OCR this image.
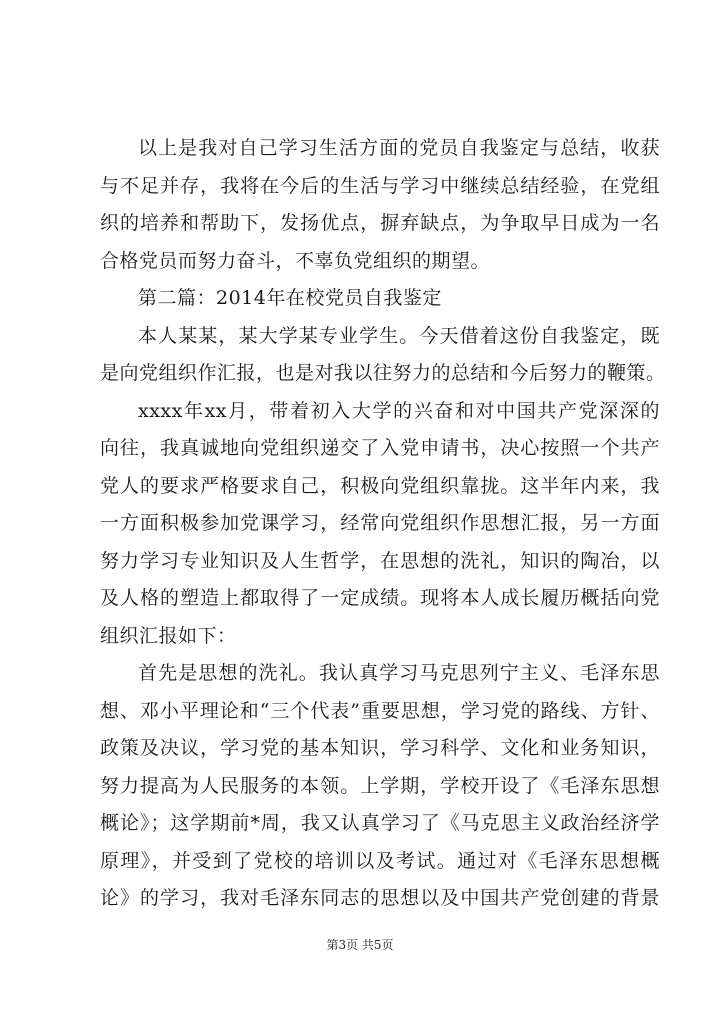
以上是我对自己学习生活方面的党员自我鉴定与总结，收获
与不足并存，我将在今后的生活与学习中继续总结经验，在党组
织的培养和帮助下，发扬优点，摒弃缺点，为争取早日成为一名
合格党员而努力奋斗，不辜负党组织的期望。
第二篇：2014年在校党员自我鉴定
本人某某，某大学某专业学生。今天借着这份自我鉴定，既
是向党组织作汇报，也是对我以往努力的总结和今后努力的鞭策。
xxxx年xx月，带着初入大学的兴奋和对中国共产党深深的
向往，我真诚地向党组织递交了入党申请书，决心按照一个共产
党人的要求严格要求自己，积极向党组织靠拢。这半年内来，我
一方面积极参加党课学习，经常向党组织作思想汇报，另一方面
努力学习专业知识及人生哲学，在思想的洗礼，知识的陶冶，以
及人格的塑造上都取得了一定成绩。现将本人成长履历概括向党
组织汇报如下：
首先是思想的洗礼。我认真学习马克思列宁主义、毛泽东思
想、邓小平理论和“三个代表”重要思想，学习党的路线、方针、
政策及决议，学习党的基本知识，学习科学、文化和业务知识，
努力提高为人民服务的本领。上学期，学校开设了《毛泽东思想
概论》；这学期前*周，我又认真学习了《马克思主义政治经济学
原理》，并受到了党校的培训以及考试。通过对《毛泽东思想概
论》的学习，我对毛泽东同志的思想以及中国共产党创建的背景
第3页 共5页
